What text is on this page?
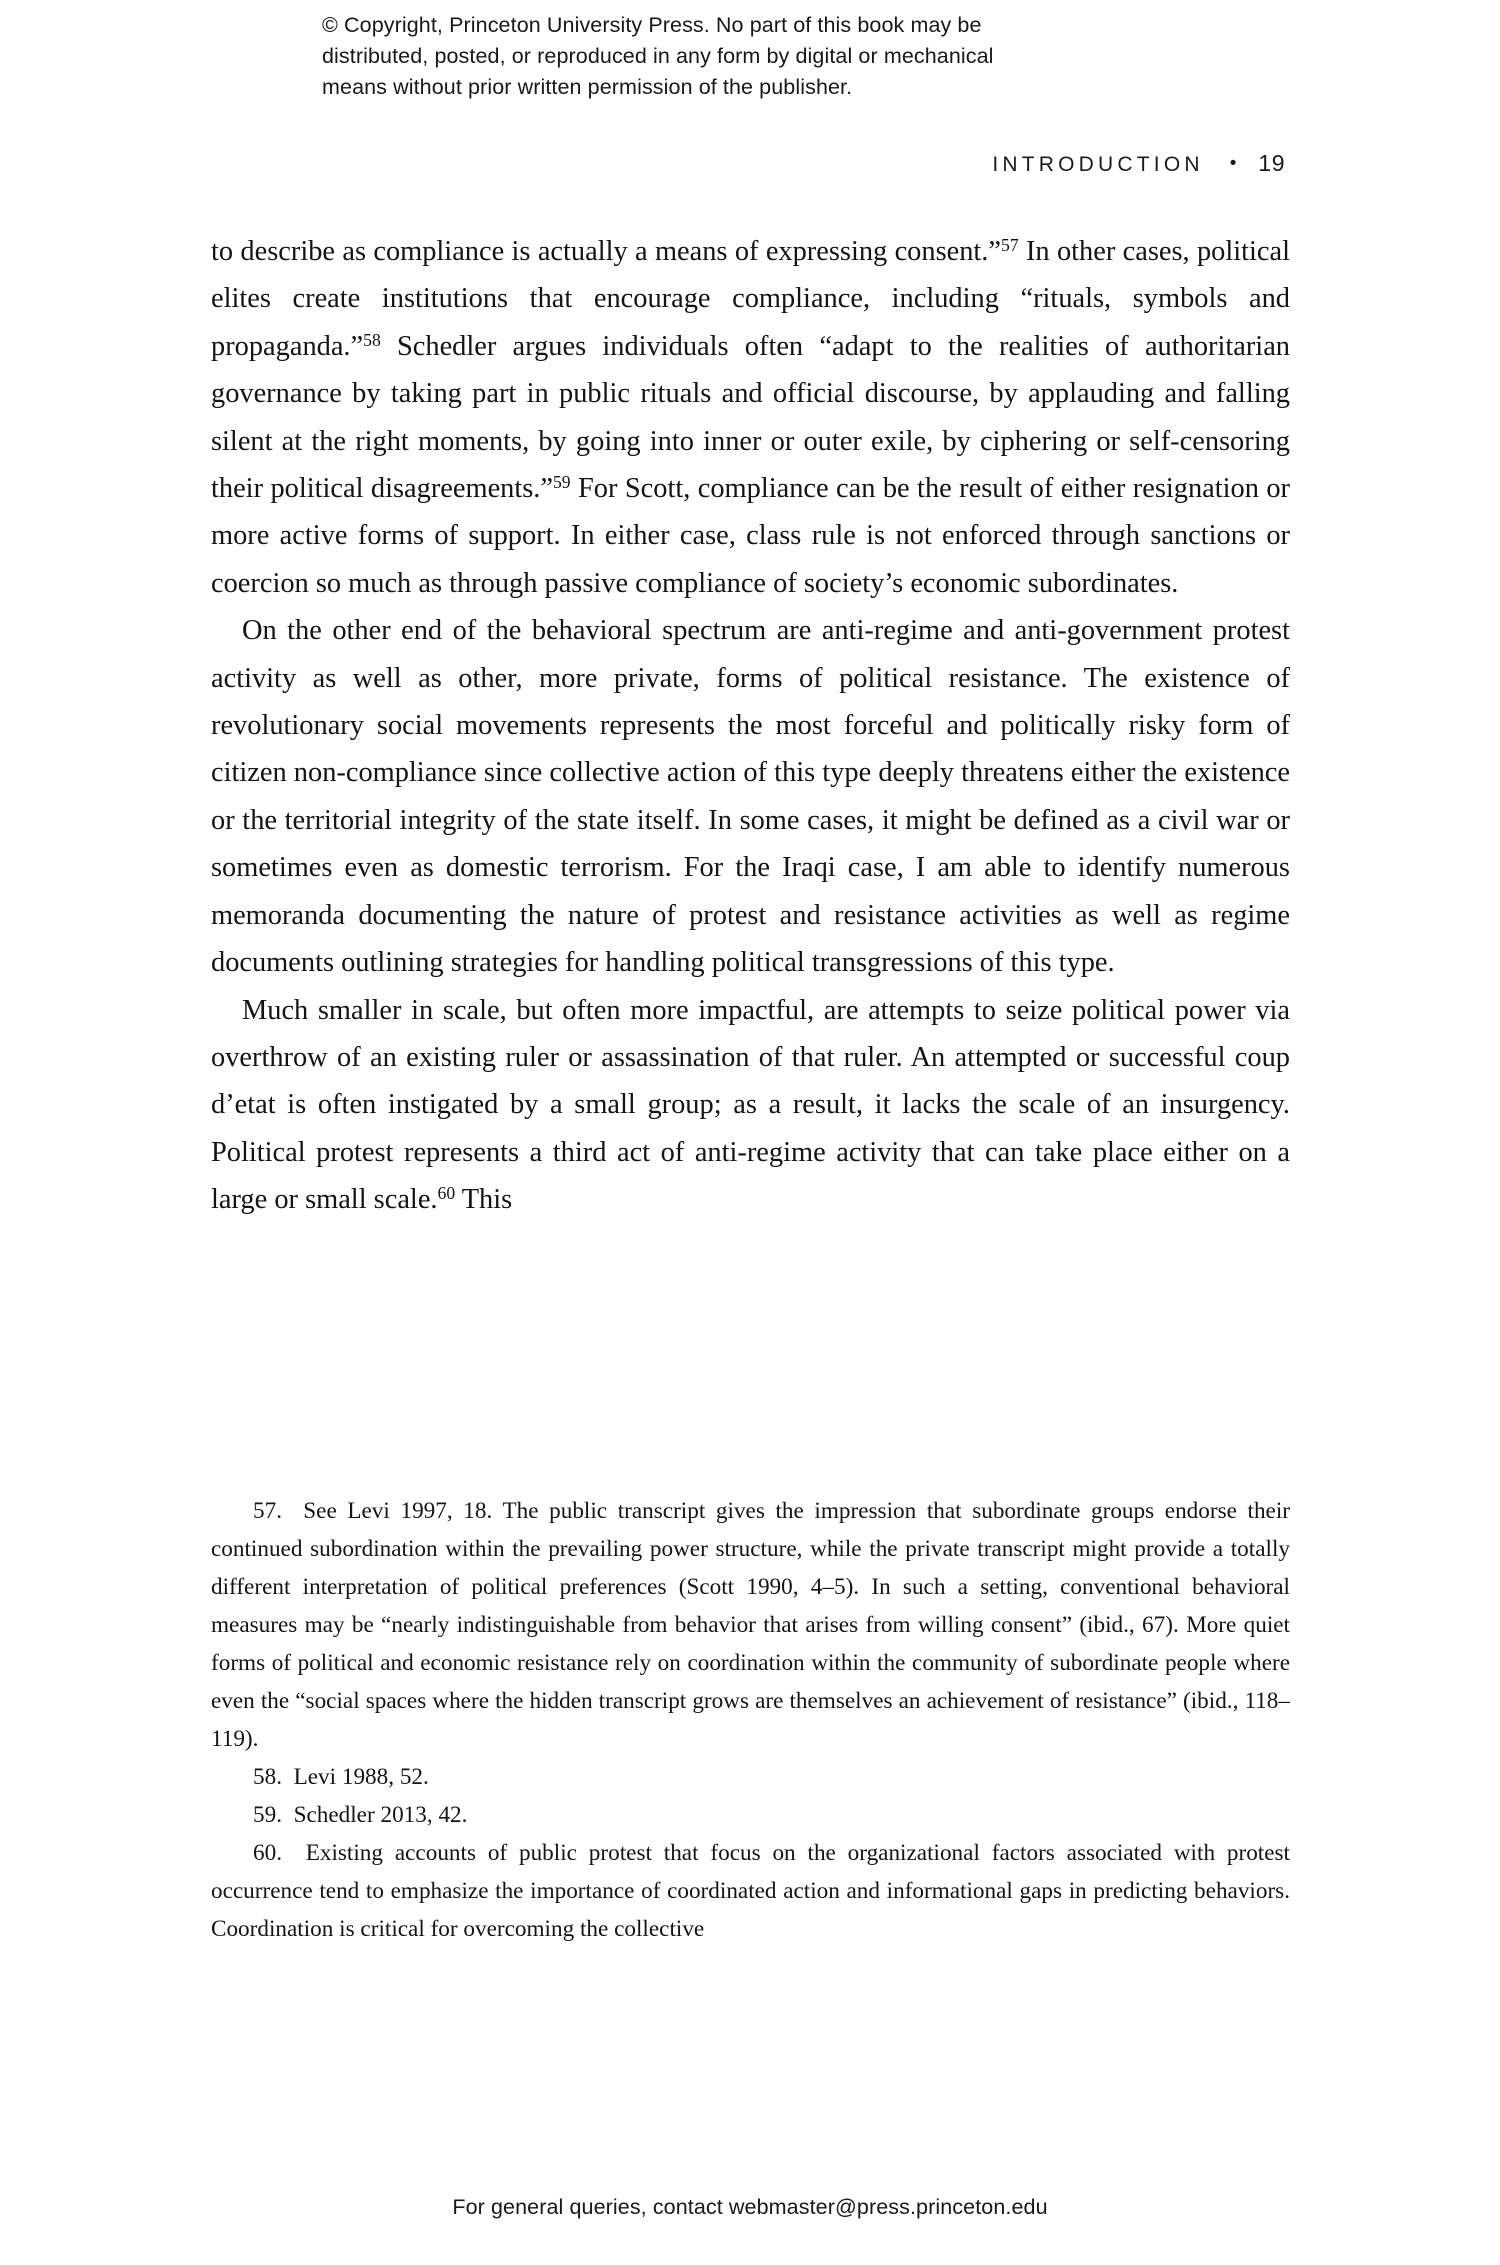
© Copyright, Princeton University Press. No part of this book may be
distributed, posted, or reproduced in any form by digital or mechanical
means without prior written permission of the publisher.
INTRODUCTION • 19

to describe as compliance is actually a means of expressing consent.”$^{57}$ In other cases, political elites create institutions that encourage compliance, including “rituals, symbols and propaganda.”$^{58}$ Schedler argues individuals often “adapt to the realities of authoritarian governance by taking part in public rituals and official discourse, by applauding and falling silent at the right moments, by going into inner or outer exile, by ciphering or self-censoring their political disagreements.”$^{59}$ For Scott, compliance can be the result of either resignation or more active forms of support. In either case, class rule is not enforced through sanctions or coercion so much as through passive compliance of society’s economic subordinates.

On the other end of the behavioral spectrum are anti-regime and anti-government protest activity as well as other, more private, forms of political resistance. The existence of revolutionary social movements represents the most forceful and politically risky form of citizen non-compliance since collective action of this type deeply threatens either the existence or the territorial integrity of the state itself. In some cases, it might be defined as a civil war or sometimes even as domestic terrorism. For the Iraqi case, I am able to identify numerous memoranda documenting the nature of protest and resistance activities as well as regime documents outlining strategies for handling political transgressions of this type.

Much smaller in scale, but often more impactful, are attempts to seize political power via overthrow of an existing ruler or assassination of that ruler. An attempted or successful coup d’etat is often instigated by a small group; as a result, it lacks the scale of an insurgency. Political protest represents a third act of anti-regime activity that can take place either on a large or small scale.$^{60}$ This

57. See Levi 1997, 18. The public transcript gives the impression that subordinate groups endorse their continued subordination within the prevailing power structure, while the private transcript might provide a totally different interpretation of political preferences (Scott 1990, 4–5). In such a setting, conventional behavioral measures may be “nearly indistinguishable from behavior that arises from willing consent” (ibid., 67). More quiet forms of political and economic resistance rely on coordination within the community of subordinate people where even the “social spaces where the hidden transcript grows are themselves an achievement of resistance” (ibid., 118–119).

58. Levi 1988, 52.

59. Schedler 2013, 42.

60. Existing accounts of public protest that focus on the organizational factors associated with protest occurrence tend to emphasize the importance of coordinated action and informational gaps in predicting behaviors. Coordination is critical for overcoming the collective

For general queries, contact webmaster@press.princeton.edu
